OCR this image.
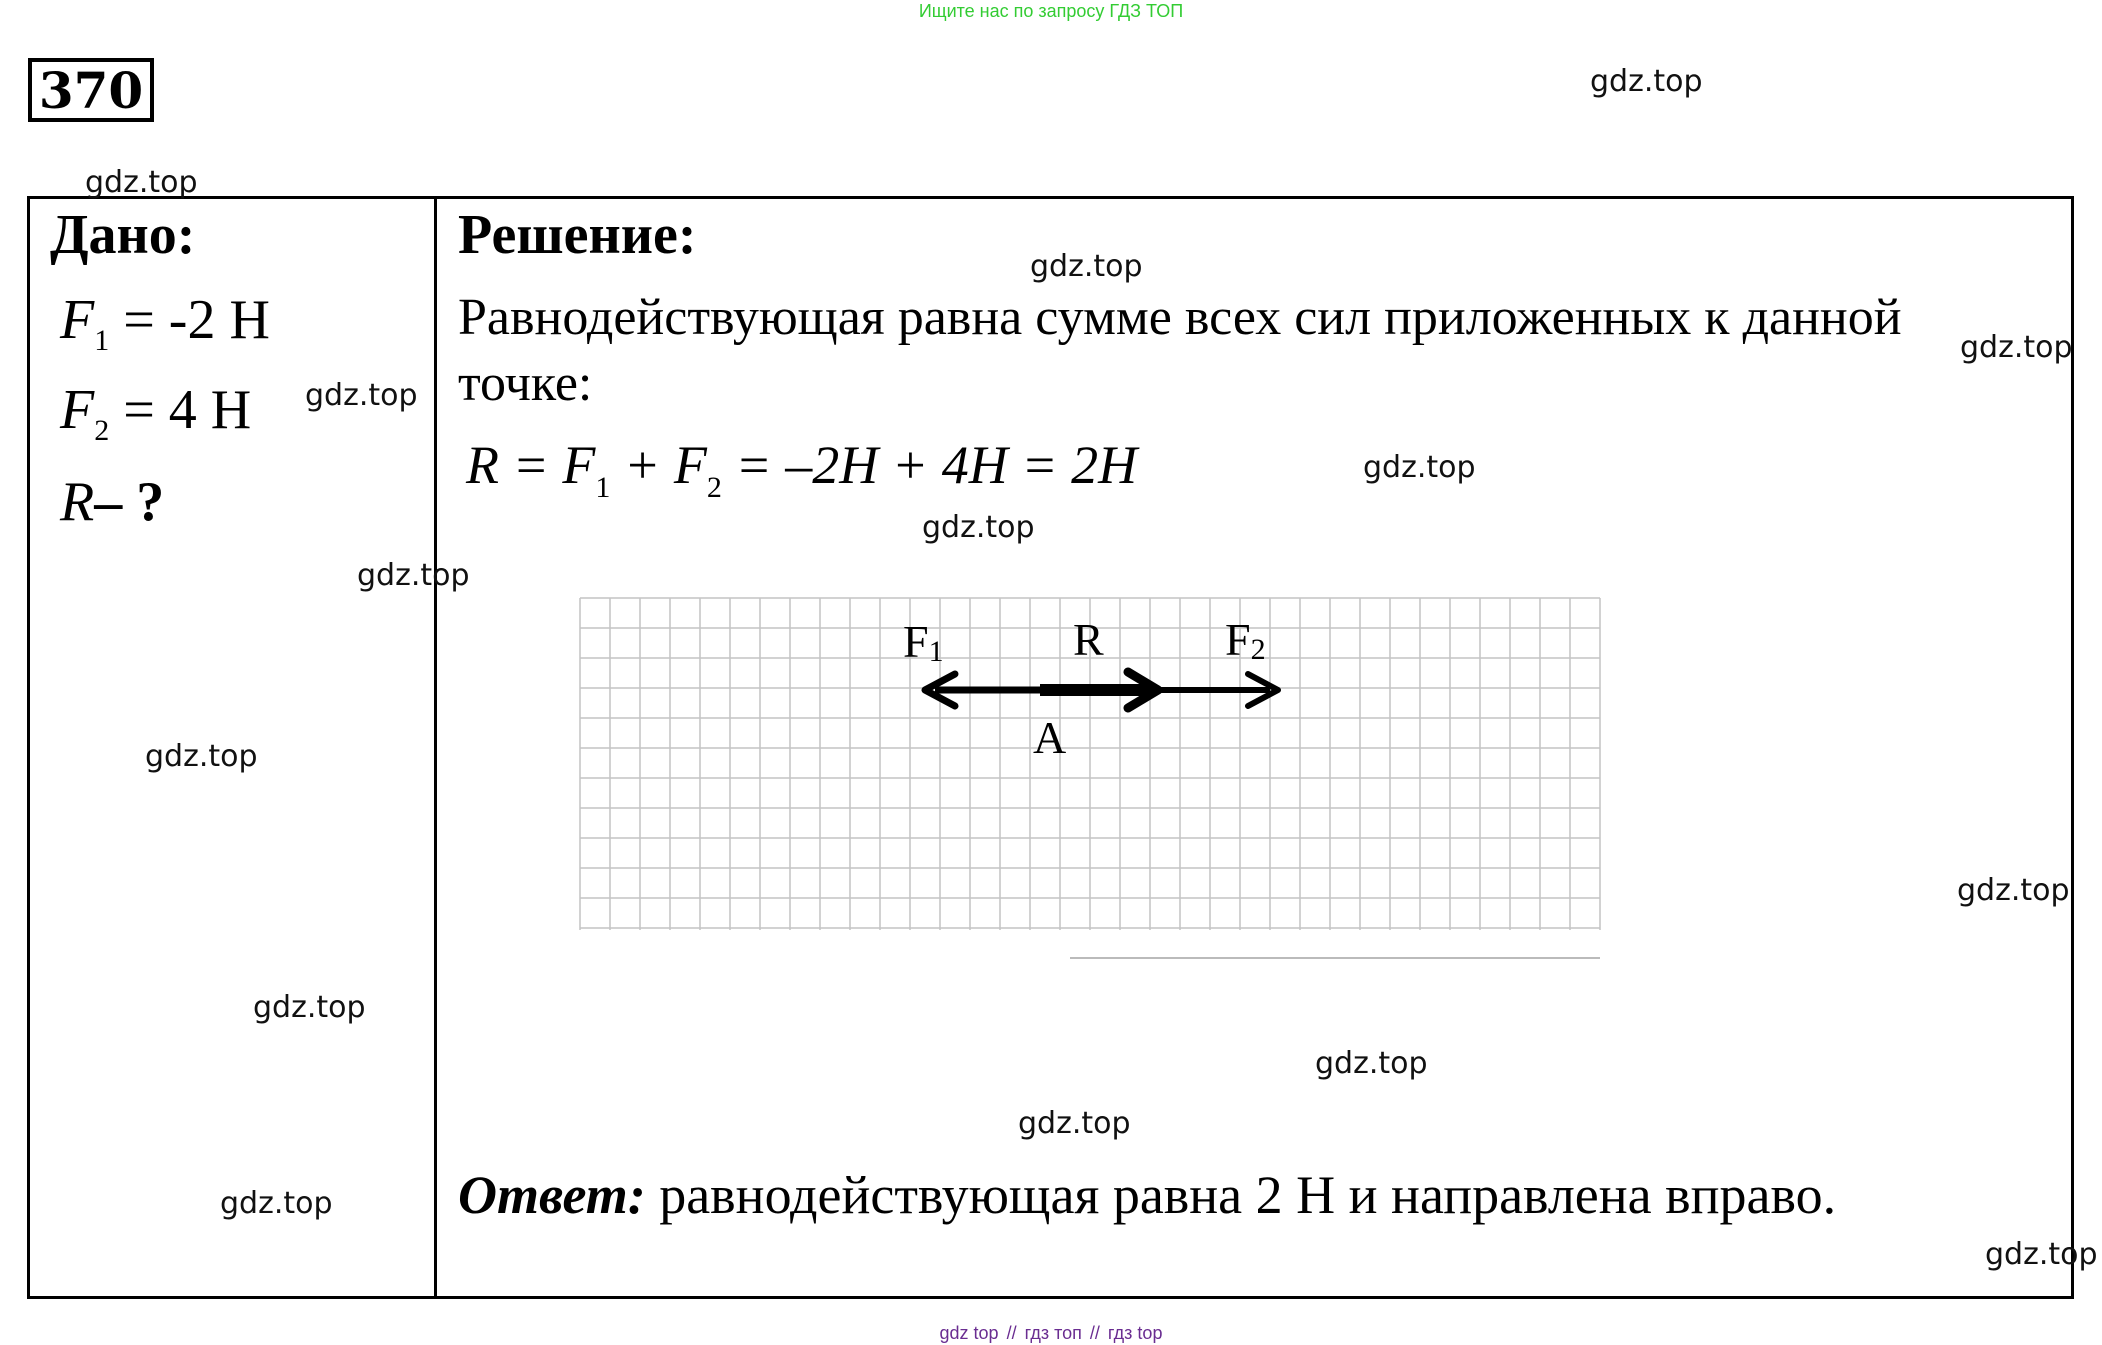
Ищите нас по запросу ГДЗ ТОП
370
Дано:
$F_1 = -2$ Н
$F_2 = 4$ Н
R– ?
Решение:
Равнодействующая равна сумме всех сил приложенных к данной точке:
$R = F_1 + F_2 = -2H + 4H = 2H$
F1	R	F2
A
Ответ: равнодействующая равна 2 Н и направлена вправо.
gdz.top
gdz.top
gdz.top
gdz.top
gdz.top
gdz.top
gdz.top
gdz.top
gdz.top
gdz.top
gdz.top
gdz.top
gdz.top
gdz.top
gdz.top
gdz top // гдз топ // гдз top
